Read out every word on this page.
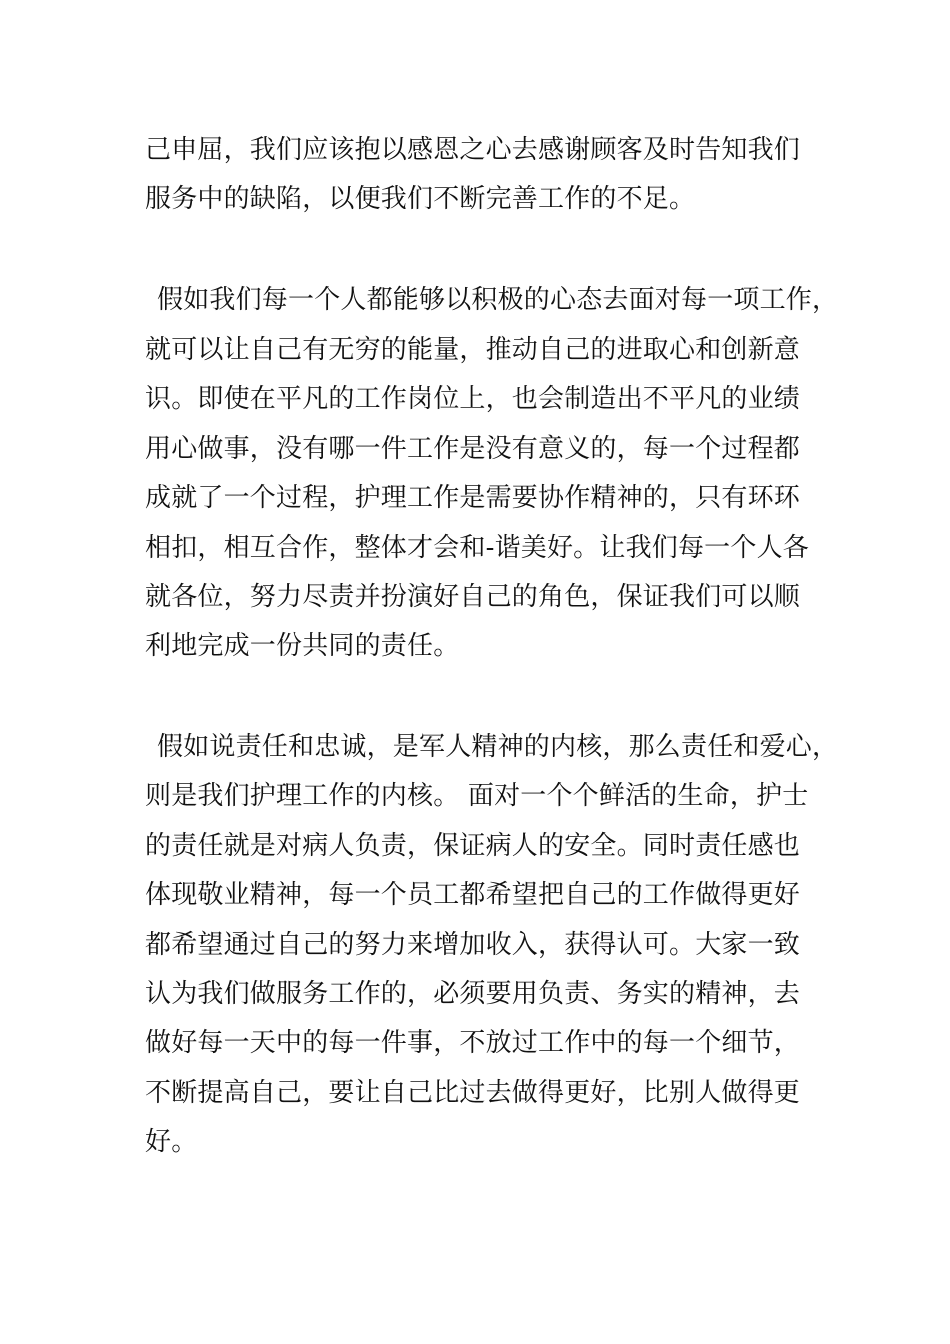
己申屈，我们应该抱以感恩之心去感谢顾客及时告知我们
服务中的缺陷，以便我们不断完善工作的不足。
假如我们每一个人都能够以积极的心态去面对每一项工作，
就可以让自己有无穷的能量，推动自己的进取心和创新意
识。即使在平凡的工作岗位上，也会制造出不平凡的业绩
用心做事，没有哪一件工作是没有意义的，每一个过程都
成就了一个过程，护理工作是需要协作精神的，只有环环
相扣，相互合作，整体才会和-谐美好。让我们每一个人各
就各位，努力尽责并扮演好自己的角色，保证我们可以顺
利地完成一份共同的责任。
假如说责任和忠诚，是军人精神的内核，那么责任和爱心，
则是我们护理工作的内核。 面对一个个鲜活的生命，护士
的责任就是对病人负责，保证病人的安全。同时责任感也
体现敬业精神，每一个员工都希望把自己的工作做得更好
都希望通过自己的努力来增加收入，获得认可。大家一致
认为我们做服务工作的，必须要用负责、务实的精神，去
做好每一天中的每一件事，不放过工作中的每一个细节，
不断提高自己，要让自己比过去做得更好，比别人做得更
好。
